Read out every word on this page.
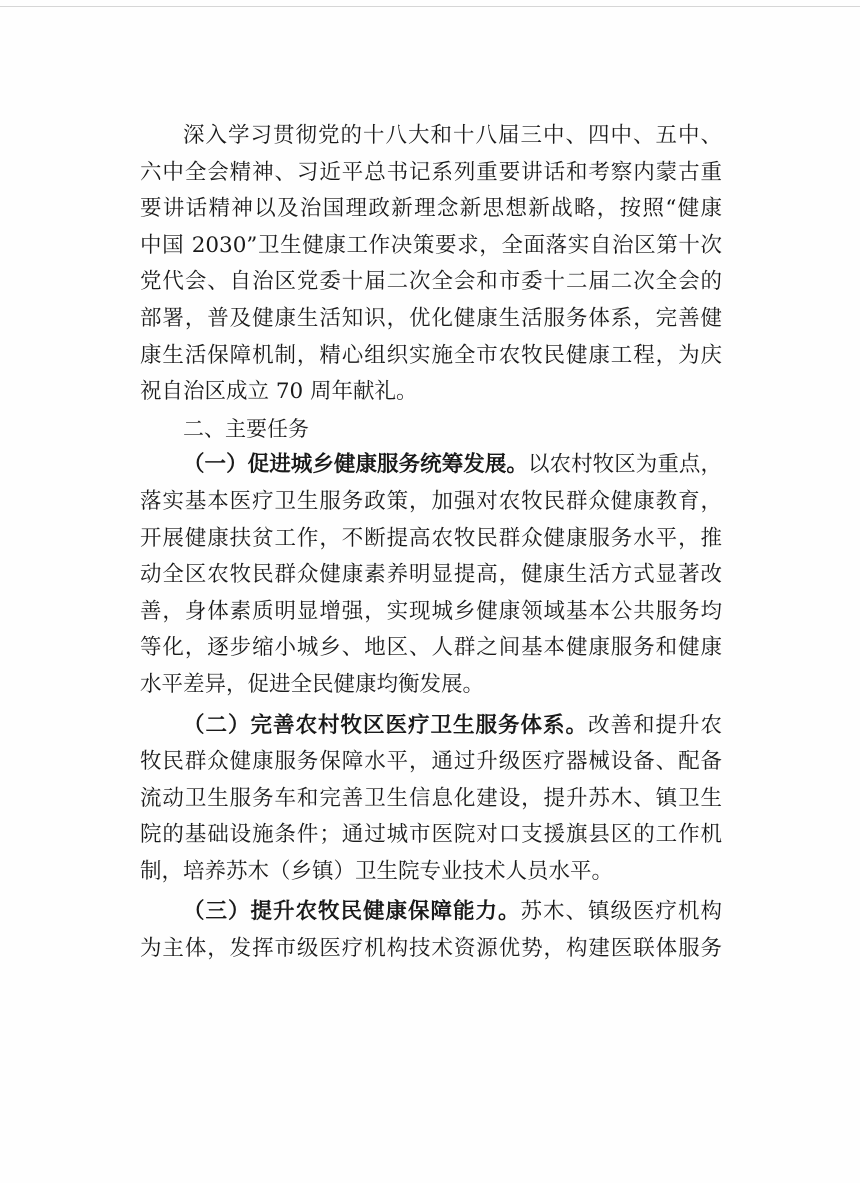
深入学习贯彻党的十八大和十八届三中、四中、五中、
六中全会精神、习近平总书记系列重要讲话和考察内蒙古重
要讲话精神以及治国理政新理念新思想新战略，按照“健康
中国 2030”卫生健康工作决策要求，全面落实自治区第十次
党代会、自治区党委十届二次全会和市委十二届二次全会的
部署，普及健康生活知识，优化健康生活服务体系，完善健
康生活保障机制，精心组织实施全市农牧民健康工程，为庆
祝自治区成立 70 周年献礼。
二、主要任务
（一）促进城乡健康服务统筹发展。以农村牧区为重点，
落实基本医疗卫生服务政策，加强对农牧民群众健康教育，
开展健康扶贫工作，不断提高农牧民群众健康服务水平，推
动全区农牧民群众健康素养明显提高，健康生活方式显著改
善，身体素质明显增强，实现城乡健康领域基本公共服务均
等化，逐步缩小城乡、地区、人群之间基本健康服务和健康
水平差异，促进全民健康均衡发展。
（二）完善农村牧区医疗卫生服务体系。改善和提升农
牧民群众健康服务保障水平，通过升级医疗器械设备、配备
流动卫生服务车和完善卫生信息化建设，提升苏木、镇卫生
院的基础设施条件；通过城市医院对口支援旗县区的工作机
制，培养苏木（乡镇）卫生院专业技术人员水平。
（三）提升农牧民健康保障能力。苏木、镇级医疗机构
为主体，发挥市级医疗机构技术资源优势，构建医联体服务
